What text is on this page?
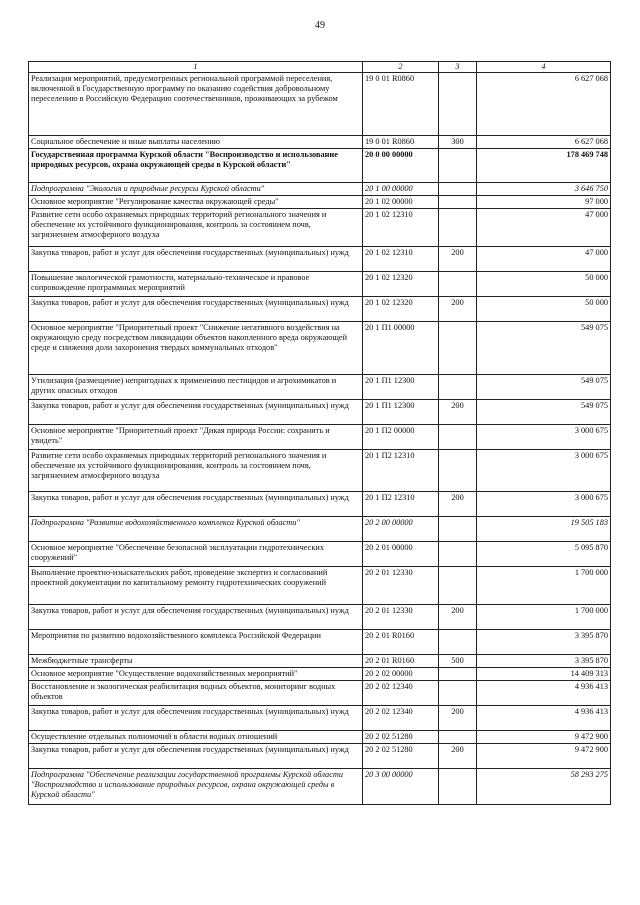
49
1	2	3	4
Реализация мероприятий, предусмотренных региональной программой переселения, включенной в Государственную программу по оказанию содействия добровольному переселению в Российскую Федерацию соотечественников, проживающих за рубежом	19 0 01 R0860		6 627 068
Социальное обеспечение и иные выплаты населению	19 0 01 R0860	300	6 627 068
Государственная программа Курской области "Воспроизводство и использование природных ресурсов, охрана окружающей среды в Курской области"	20 0 00 00000		178 469 748
Подпрограмма "Экология и природные ресурсы Курской области"	20 1 00 00000		3 646 750
Основное мероприятие "Регулирование качества окружающей среды"	20 1 02 00000		97 000
Развитие сети особо охраняемых природных территорий регионального значения и обеспечение их устойчивого функционирования, контроль за состоянием почв, загрязнением атмосферного воздуха	20 1 02 12310		47 000
Закупка товаров, работ и услуг для обеспечения государственных (муниципальных) нужд	20 1 02 12310	200	47 000
Повышение экологической грамотности, материально-техническое и правовое сопровождение программных мероприятий	20 1 02 12320		50 000
Закупка товаров, работ и услуг для обеспечения государственных (муниципальных) нужд	20 1 02 12320	200	50 000
Основное мероприятие "Приоритетный проект "Снижение негативного воздействия на окружающую среду посредством ликвидации объектов накопленного вреда окружающей среде и снижения доли захоронения твердых коммунальных отходов"	20 1 П1 00000		549 075
Утилизация (размещение) непригодных к применению пестицидов и агрохимикатов и других опасных отходов	20 1 П1 12300		549 075
Закупка товаров, работ и услуг для обеспечения государственных (муниципальных) нужд	20 1 П1 12300	200	549 075
Основное мероприятие "Приоритетный проект "Дикая природа России: сохранить и увидеть"	20 1 П2 00000		3 000 675
Развитие сети особо охраняемых природных территорий регионального значения и обеспечение их устойчивого функционирования, контроль за состоянием почв, загрязнением атмосферного воздуха	20 1 П2 12310		3 000 675
Закупка товаров, работ и услуг для обеспечения государственных (муниципальных) нужд	20 1 П2 12310	200	3 000 675
Подпрограмма "Развитие водохозяйственного комплекса Курской области"	20 2 00 00000		19 505 183
Основное мероприятие "Обеспечение безопасной эксплуатации гидротехнических сооружений"	20 2 01 00000		5 095 870
Выполнение проектно-изыскательских работ, проведение экспертиз и согласований проектной документации по капитальному ремонту гидротехнических сооружений	20 2 01 12330		1 700 000
Закупка товаров, работ и услуг для обеспечения государственных (муниципальных) нужд	20 2 01 12330	200	1 700 000
Мероприятия по развитию водохозяйственного комплекса Российской Федерации	20 2 01 R0160		3 395 870
Межбюджетные трансферты	20 2 01 R0160	500	3 395 870
Основное мероприятие "Осуществление водохозяйственных мероприятий"	20 2 02 00000		14 409 313
Восстановление и экологическая реабилитация водных объектов, мониторинг водных объектов	20 2 02 12340		4 936 413
Закупка товаров, работ и услуг для обеспечения государственных (муниципальных) нужд	20 2 02 12340	200	4 936 413
Осуществление отдельных полномочий в области водных отношений	20 2 02 51280		9 472 900
Закупка товаров, работ и услуг для обеспечения государственных (муниципальных) нужд	20 2 02 51280	200	9 472 900
Подпрограмма "Обеспечение реализации государственной программы Курской области "Воспроизводство и использование природных ресурсов, охрана окружающей среды в Курской области"	20 3 00 00000		58 293 275
